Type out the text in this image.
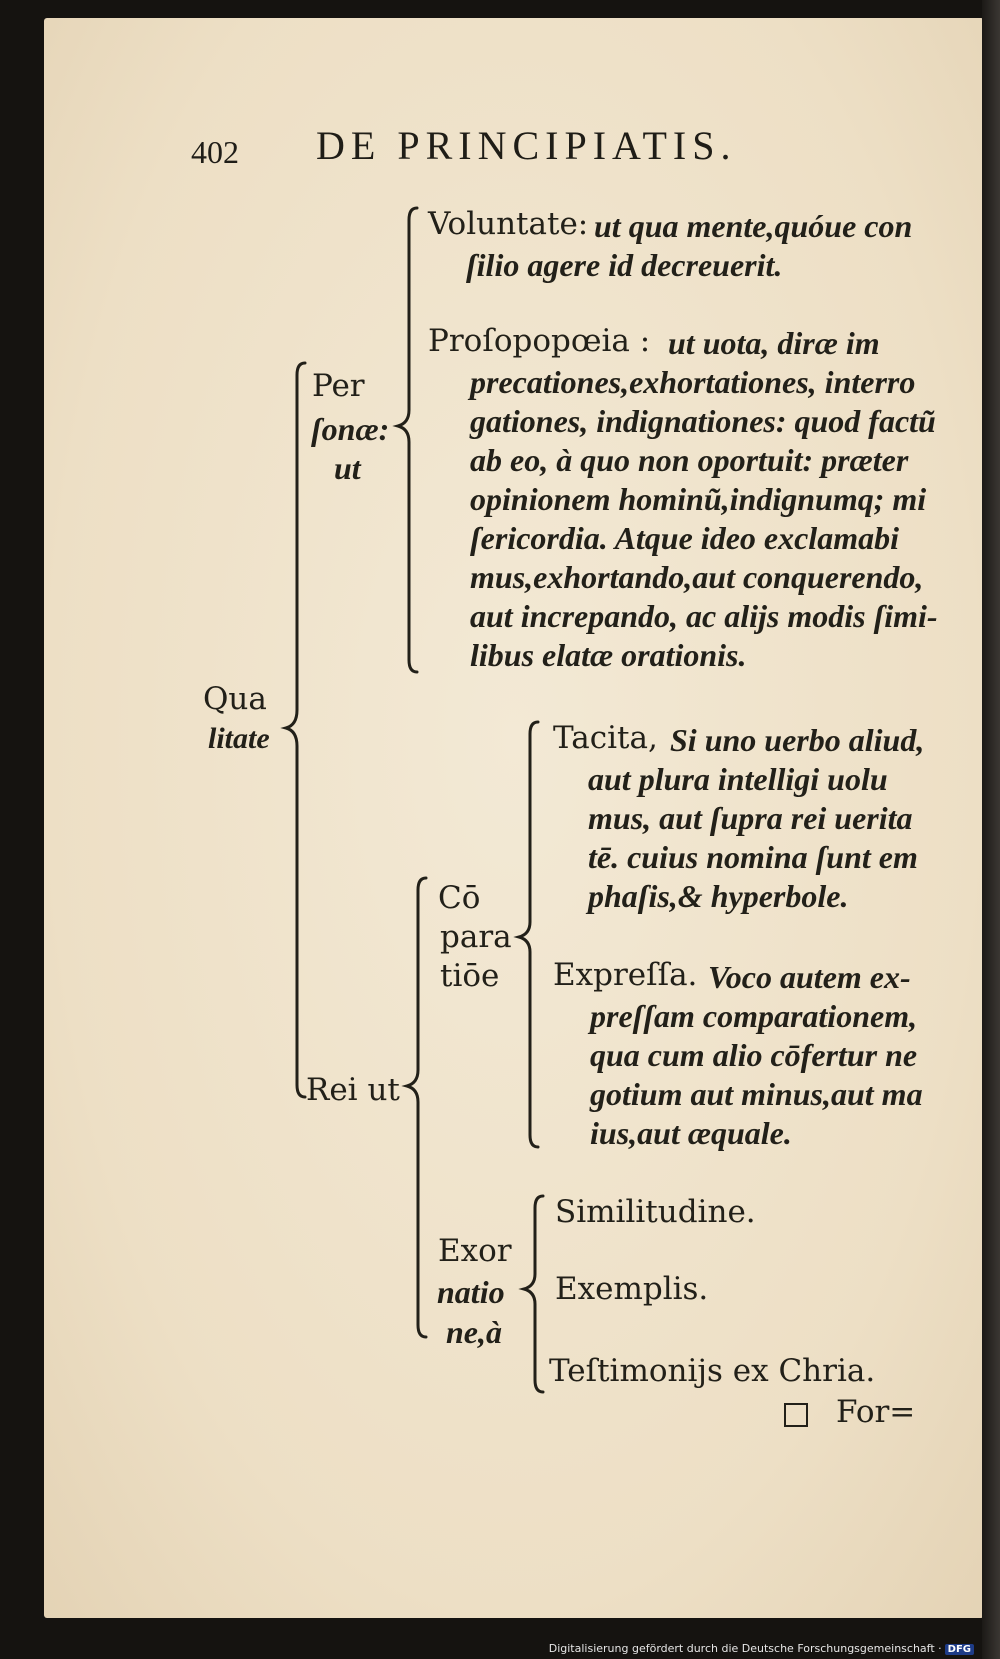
402 DE PRINCIPIATIS.
Qua
litate
Per
ſonæ:
ut
Voluntate: ut qua mente,quóue con
ſilio agere id decreuerit.
Proſopopœia : ut uota, diræ im
precationes,exhortationes, interro
gationes, indignationes: quod factũ
ab eo, à quo non oportuit: præter
opinionem hominũ,indignumq; mi
ſericordia. Atque ideo exclamabi
mus,exhortando,aut conquerendo,
aut increpando, ac alijs modis ſimi-
libus elatæ orationis.
Rei ut
Cō
para
tiōe
Tacita, Si uno uerbo aliud,
aut plura intelligi uolu
mus, aut ſupra rei uerita
tē. cuius nomina ſunt em
phaſis,& hyperbole.
Expreſſa. Voco autem ex-
preſſam comparationem,
qua cum alio cōfertur ne
gotium aut minus,aut ma
ius,aut æquale.
Exor
natio
ne,à
Similitudine.
Exemplis.
Teſtimonijs ex Chria.
For=
Digitalisierung gefördert durch die Deutsche Forschungsgemeinschaft · DFG
